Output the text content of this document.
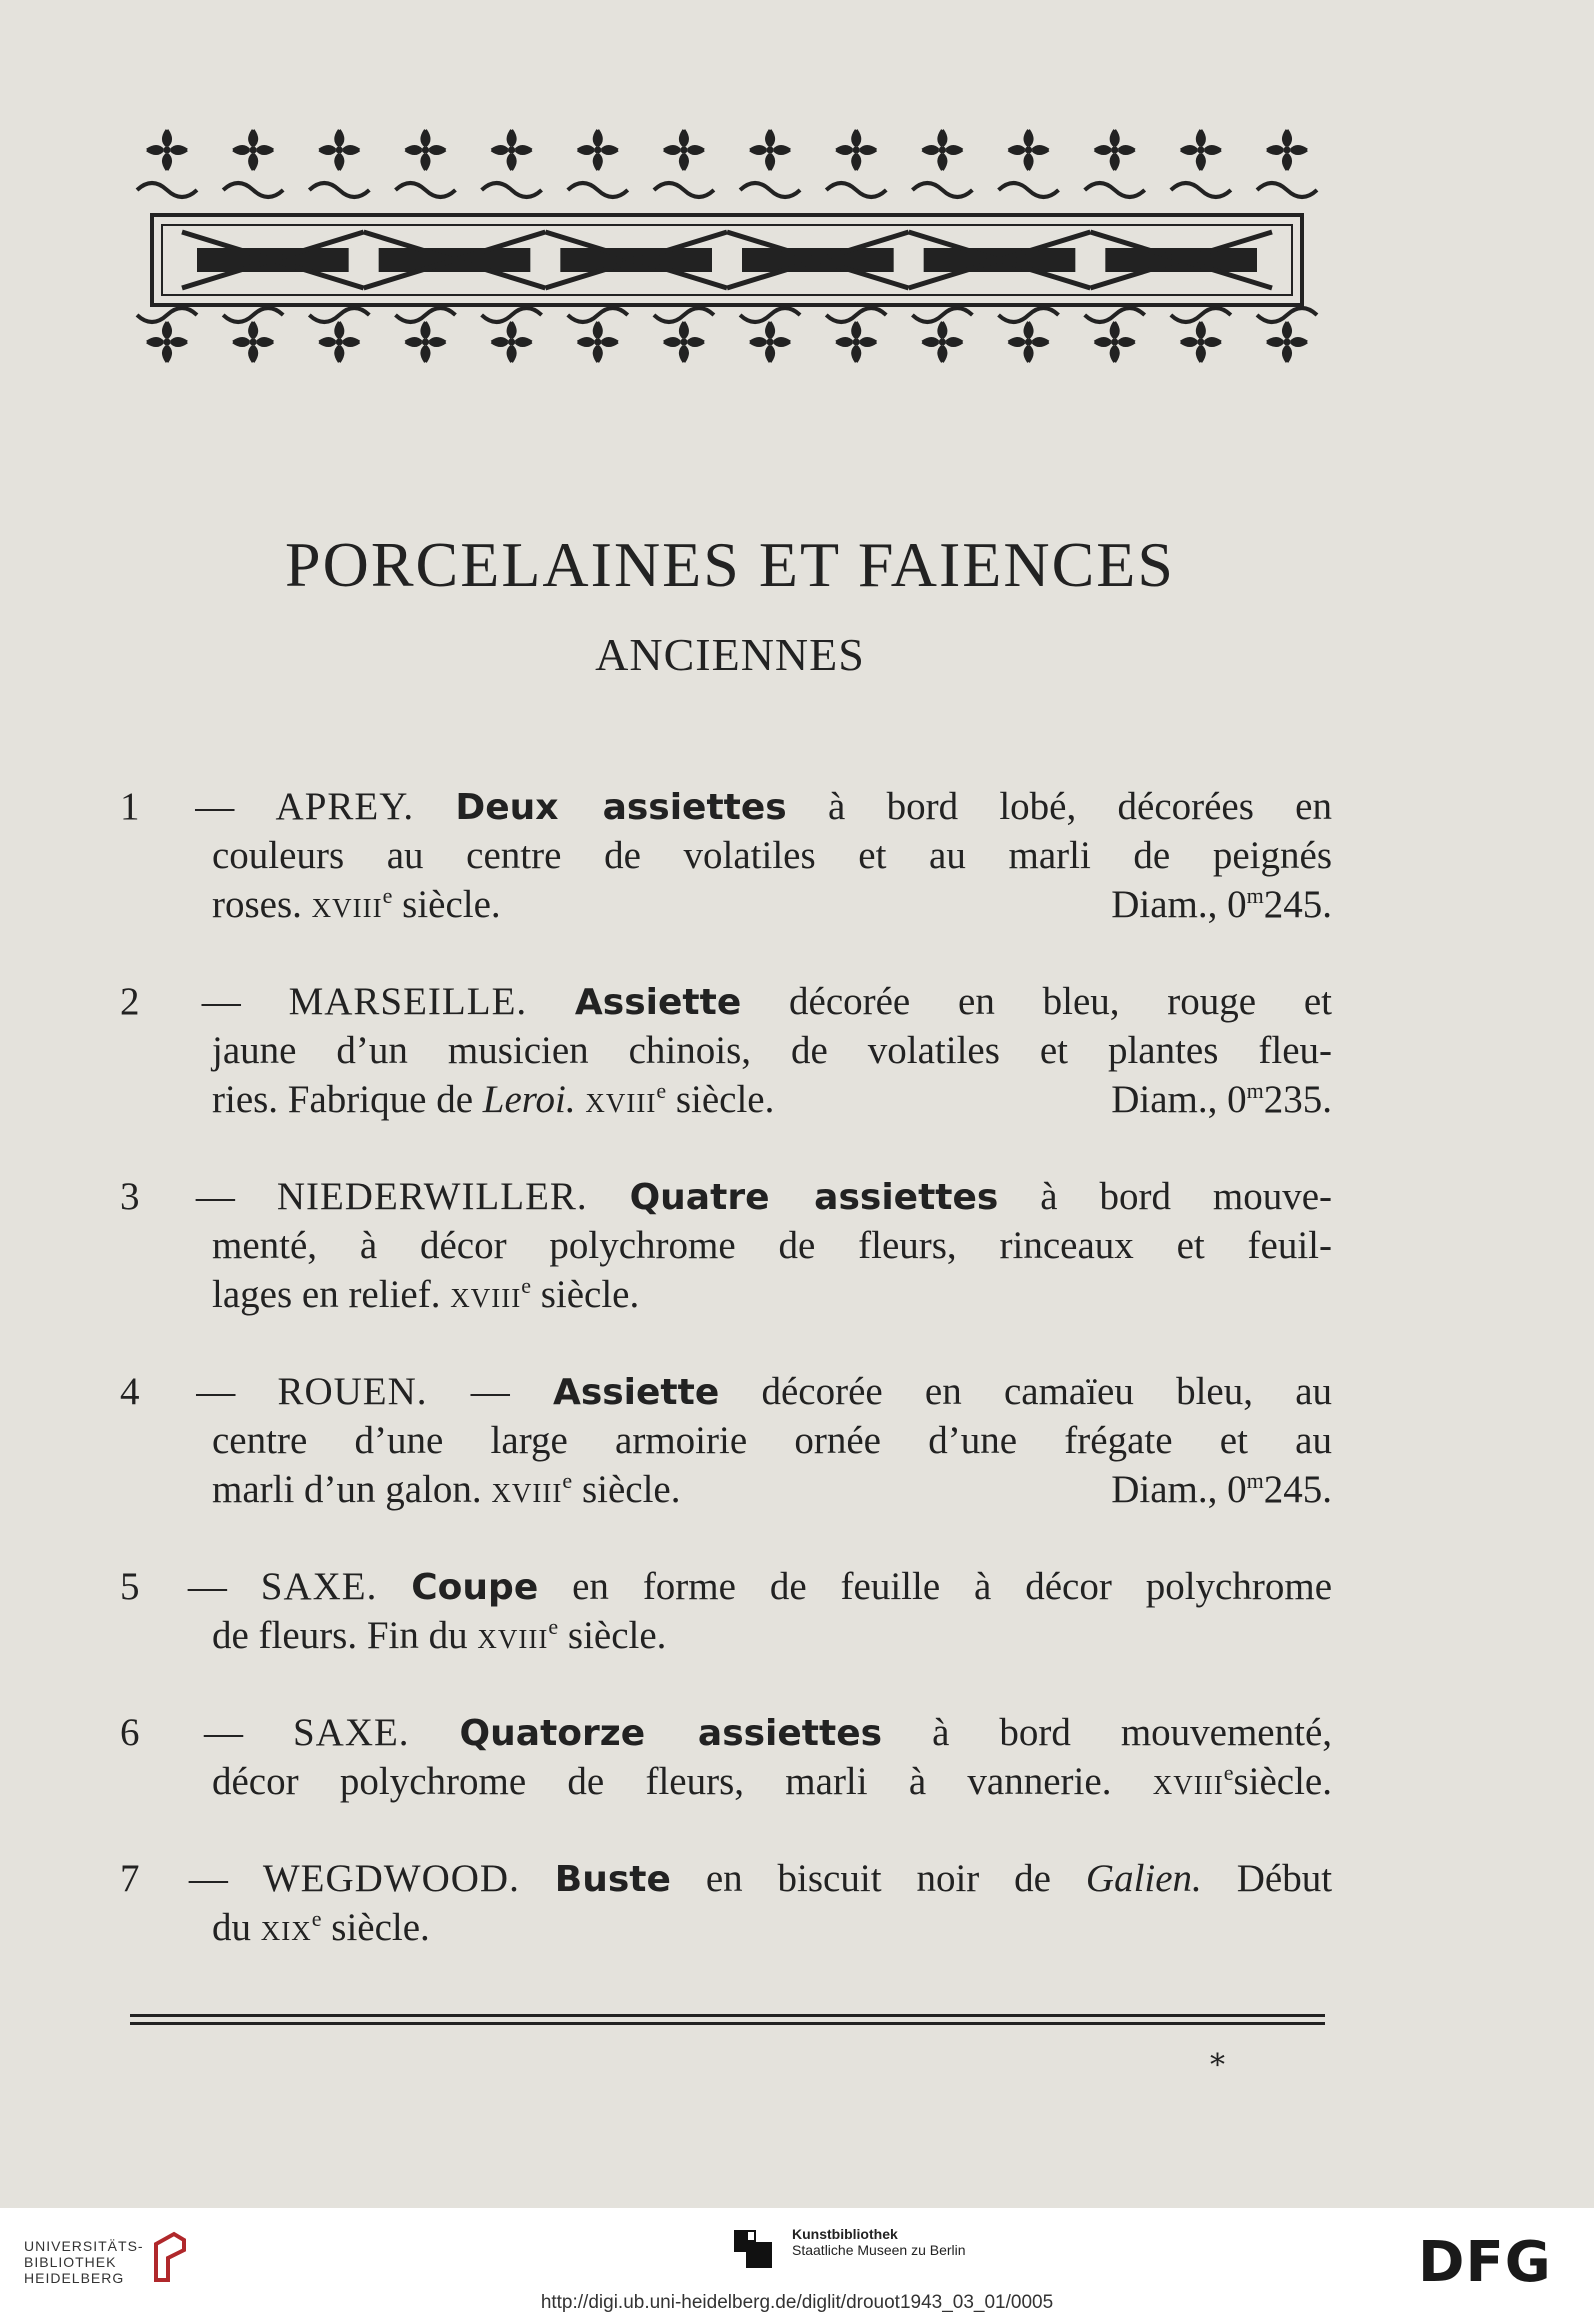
PORCELAINES ET FAIENCES
ANCIENNES
1 — APREY. Deux assiettes à bord lobé, décorées en
couleurs au centre de volatiles et au marli de peignés
roses. xviii$^e$ siècle.	Diam., 0$^m$245.
2 — MARSEILLE. Assiette décorée en bleu, rouge et
jaune d’un musicien chinois, de volatiles et plantes fleu-
ries. Fabrique de Leroi. xviii$^e$ siècle.	Diam., 0$^m$235.
3 — NIEDERWILLER. Quatre assiettes à bord mouve-
menté, à décor polychrome de fleurs, rinceaux et feuil-
lages en relief. xviii$^e$ siècle.
4 — ROUEN. — Assiette décorée en camaïeu bleu, au
centre d’une large armoirie ornée d’une frégate et au
marli d’un galon. xviii$^e$ siècle.	Diam., 0$^m$245.
5 — SAXE. Coupe en forme de feuille à décor polychrome
de fleurs. Fin du xviii$^e$ siècle.
6 — SAXE. Quatorze assiettes à bord mouvementé,
décor polychrome de fleurs, marli à vannerie. xviii$^e$siècle.
7 — WEGDWOOD. Buste en biscuit noir de Galien. Début
du xix$^e$ siècle.
*
UNIVERSITÄTS-
BIBLIOTHEK
HEIDELBERG
Kunstbibliothek
Staatliche Museen zu Berlin	DFG
http://digi.ub.uni-heidelberg.de/diglit/drouot1943_03_01/0005
